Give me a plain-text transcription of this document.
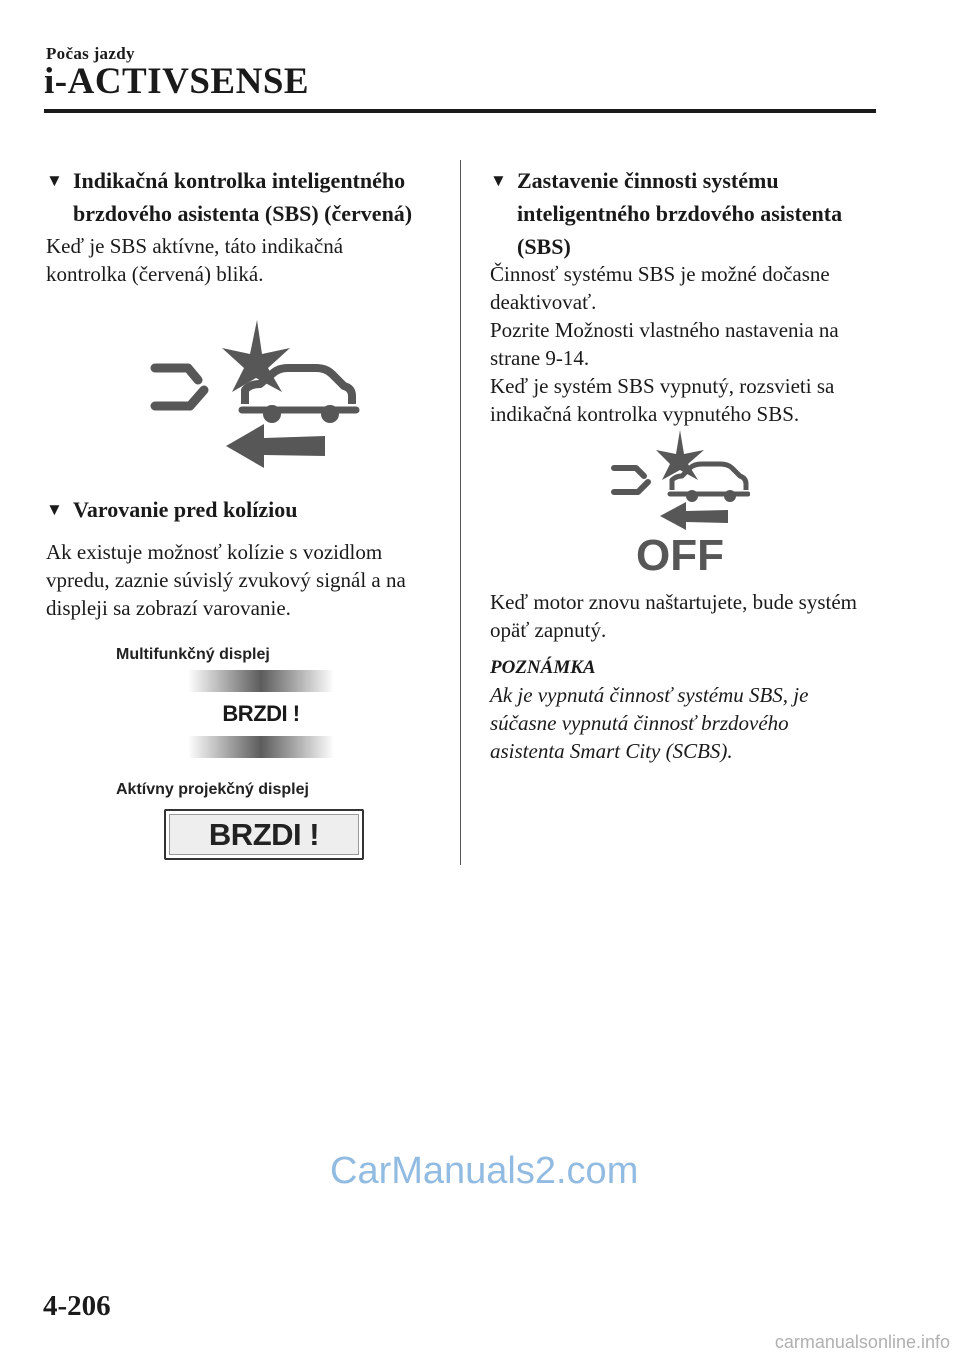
Počas jazdy
i-ACTIVSENSE
▼ Indikačná kontrolka inteligentného brzdového asistenta (SBS) (červená)
Keď je SBS aktívne, táto indikačná kontrolka (červená) bliká.
▼ Varovanie pred kolíziou
Ak existuje možnosť kolízie s vozidlom vpredu, zaznie súvislý zvukový signál a na displeji sa zobrazí varovanie.
Multifunkčný displej
BRZDI !
Aktívny projekčný displej
BRZDI !
▼ Zastavenie činnosti systému inteligentného brzdového asistenta (SBS)
Činnosť systému SBS je možné dočasne deaktivovať.
Pozrite Možnosti vlastného nastavenia na strane 9-14.
Keď je systém SBS vypnutý, rozsvieti sa indikačná kontrolka vypnutého SBS.
OFF
Keď motor znovu naštartujete, bude systém opäť zapnutý.
POZNÁMKA
Ak je vypnutá činnosť systému SBS, je súčasne vypnutá činnosť brzdového asistenta Smart City (SCBS).
CarManuals2.com
4-206
carmanualsonline.info
